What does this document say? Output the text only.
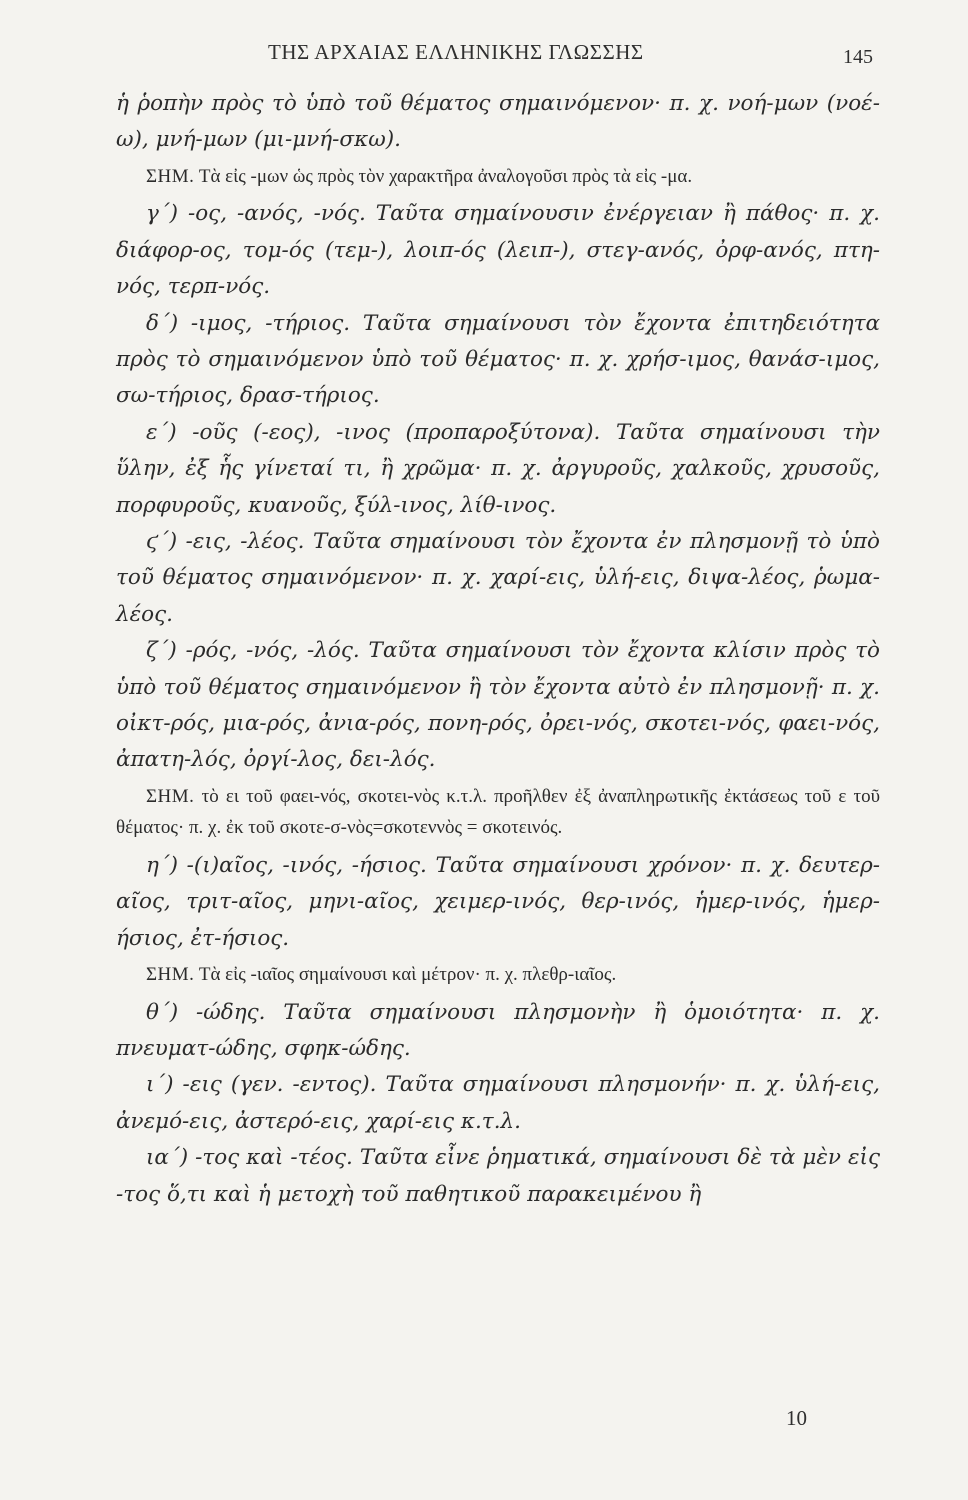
ΤΗΣ ΑΡΧΑΙΑΣ ΕΛΛΗΝΙΚΗΣ ΓΛΩΣΣΗΣ	145

ἡ ῥοπὴν πρὸς τὸ ὑπὸ τοῦ θέματος σημαινόμενον· π. χ. νοή-μων (νοέ-ω), μνή-μων (μι-μνή-σκω).

ΣΗΜ. Τὰ εἰς -μων ὡς πρὸς τὸν χαρακτῆρα ἀναλογοῦσι πρὸς τὰ εἰς -μα.

γ΄) -ος, -ανός, -νός. Ταῦτα σημαίνουσιν ἐνέργειαν ἢ πάθος· π. χ. διάφορ-ος, τομ-ός (τεμ-), λοιπ-ός (λειπ-), στεγ-ανός, ὀρφ-ανός, πτη-νός, τερπ-νός.

δ΄) -ιμος, -τήριος. Ταῦτα σημαίνουσι τὸν ἔχοντα ἐπιτηδειότητα πρὸς τὸ σημαινόμενον ὑπὸ τοῦ θέματος· π. χ. χρήσ-ιμος, θανάσ-ιμος, σω-τήριος, δρασ-τήριος.

ε΄) -οῦς (-εος), -ινος (προπαροξύτονα). Ταῦτα σημαίνουσι τὴν ὕλην, ἐξ ἧς γίνεταί τι, ἢ χρῶμα· π. χ. ἀργυροῦς, χαλκοῦς, χρυσοῦς, πορφυροῦς, κυανοῦς, ξύλ-ινος, λίθ-ινος.

ϛ΄) -εις, -λέος. Ταῦτα σημαίνουσι τὸν ἔχοντα ἐν πλησμονῇ τὸ ὑπὸ τοῦ θέματος σημαινόμενον· π. χ. χαρί-εις, ὑλή-εις, διψα-λέος, ῥωμα-λέος.

ζ΄) -ρός, -νός, -λός. Ταῦτα σημαίνουσι τὸν ἔχοντα κλίσιν πρὸς τὸ ὑπὸ τοῦ θέματος σημαινόμενον ἢ τὸν ἔχοντα αὐτὸ ἐν πλησμονῇ· π. χ. οἰκτ-ρός, μια-ρός, ἀνια-ρός, πονη-ρός, ὀρει-νός, σκοτει-νός, φαει-νός, ἀπατη-λός, ὀργί-λος, δει-λός.

ΣΗΜ. τὸ ει τοῦ φαει-νός, σκοτει-νὸς κ.τ.λ. προῆλθεν ἐξ ἀναπληρωτικῆς ἐκτάσεως τοῦ ε τοῦ θέματος· π. χ. ἐκ τοῦ σκοτε-σ-νὸς=σκοτεννὸς = σκοτεινός.

η΄) -(ι)αῖος, -ινός, -ήσιος. Ταῦτα σημαίνουσι χρόνον· π. χ. δευτερ-αῖος, τριτ-αῖος, μηνι-αῖος, χειμερ-ινός, θερ-ινός, ἡμερ-ινός, ἡμερ-ήσιος, ἐτ-ήσιος.

ΣΗΜ. Τὰ εἰς -ιαῖος σημαίνουσι καὶ μέτρον· π. χ. πλεθρ-ιαῖος.

θ΄) -ώδης. Ταῦτα σημαίνουσι πλησμονὴν ἢ ὁμοιότητα· π. χ. πνευματ-ώδης, σφηκ-ώδης.

ι΄) -εις (γεν. -εντος). Ταῦτα σημαίνουσι πλησμονήν· π. χ. ὑλή-εις, ἀνεμό-εις, ἀστερό-εις, χαρί-εις κ.τ.λ.

ια΄) -τος καὶ -τέος. Ταῦτα εἶνε ῥηματικά, σημαίνουσι δὲ τὰ μὲν εἰς -τος ὅ,τι καὶ ἡ μετοχὴ τοῦ παθητικοῦ παρακειμένου ἢ

10
